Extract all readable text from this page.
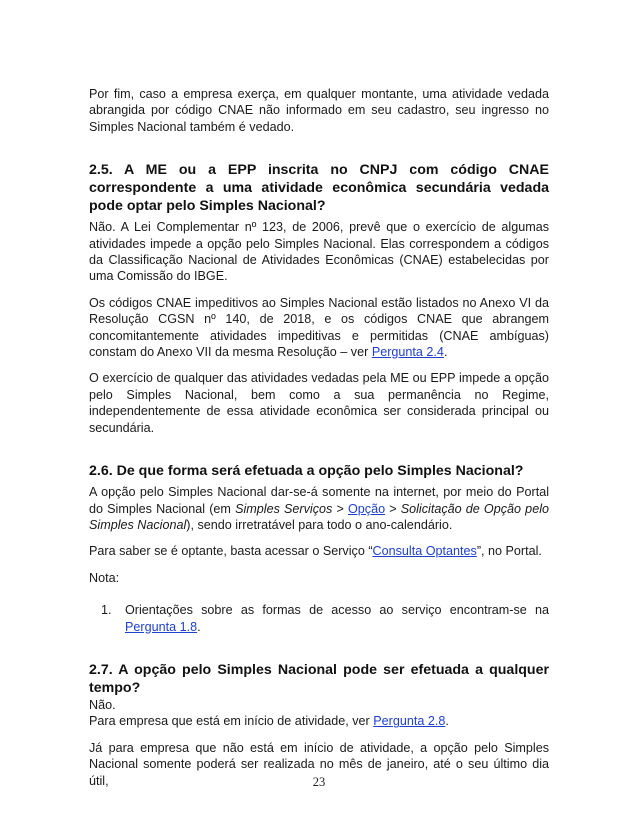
Por fim, caso a empresa exerça, em qualquer montante, uma atividade vedada abrangida por código CNAE não informado em seu cadastro, seu ingresso no Simples Nacional também é vedado.

2.5. A ME ou a EPP inscrita no CNPJ com código CNAE correspondente a uma atividade econômica secundária vedada pode optar pelo Simples Nacional?

Não. A Lei Complementar nº 123, de 2006, prevê que o exercício de algumas atividades impede a opção pelo Simples Nacional. Elas correspondem a códigos da Classificação Nacional de Atividades Econômicas (CNAE) estabelecidas por uma Comissão do IBGE.

Os códigos CNAE impeditivos ao Simples Nacional estão listados no Anexo VI da Resolução CGSN nº 140, de 2018, e os códigos CNAE que abrangem concomitantemente atividades impeditivas e permitidas (CNAE ambíguas) constam do Anexo VII da mesma Resolução – ver Pergunta 2.4.

O exercício de qualquer das atividades vedadas pela ME ou EPP impede a opção pelo Simples Nacional, bem como a sua permanência no Regime, independentemente de essa atividade econômica ser considerada principal ou secundária.

2.6. De que forma será efetuada a opção pelo Simples Nacional?

A opção pelo Simples Nacional dar-se-á somente na internet, por meio do Portal do Simples Nacional (em Simples Serviços > Opção > Solicitação de Opção pelo Simples Nacional), sendo irretratável para todo o ano-calendário.

Para saber se é optante, basta acessar o Serviço “Consulta Optantes”, no Portal.

Nota:

1.	Orientações sobre as formas de acesso ao serviço encontram-se na Pergunta 1.8.
2.7. A opção pelo Simples Nacional pode ser efetuada a qualquer tempo?

Não.

Para empresa que está em início de atividade, ver Pergunta 2.8.

Já para empresa que não está em início de atividade, a opção pelo Simples Nacional somente poderá ser realizada no mês de janeiro, até o seu último dia útil,	23
